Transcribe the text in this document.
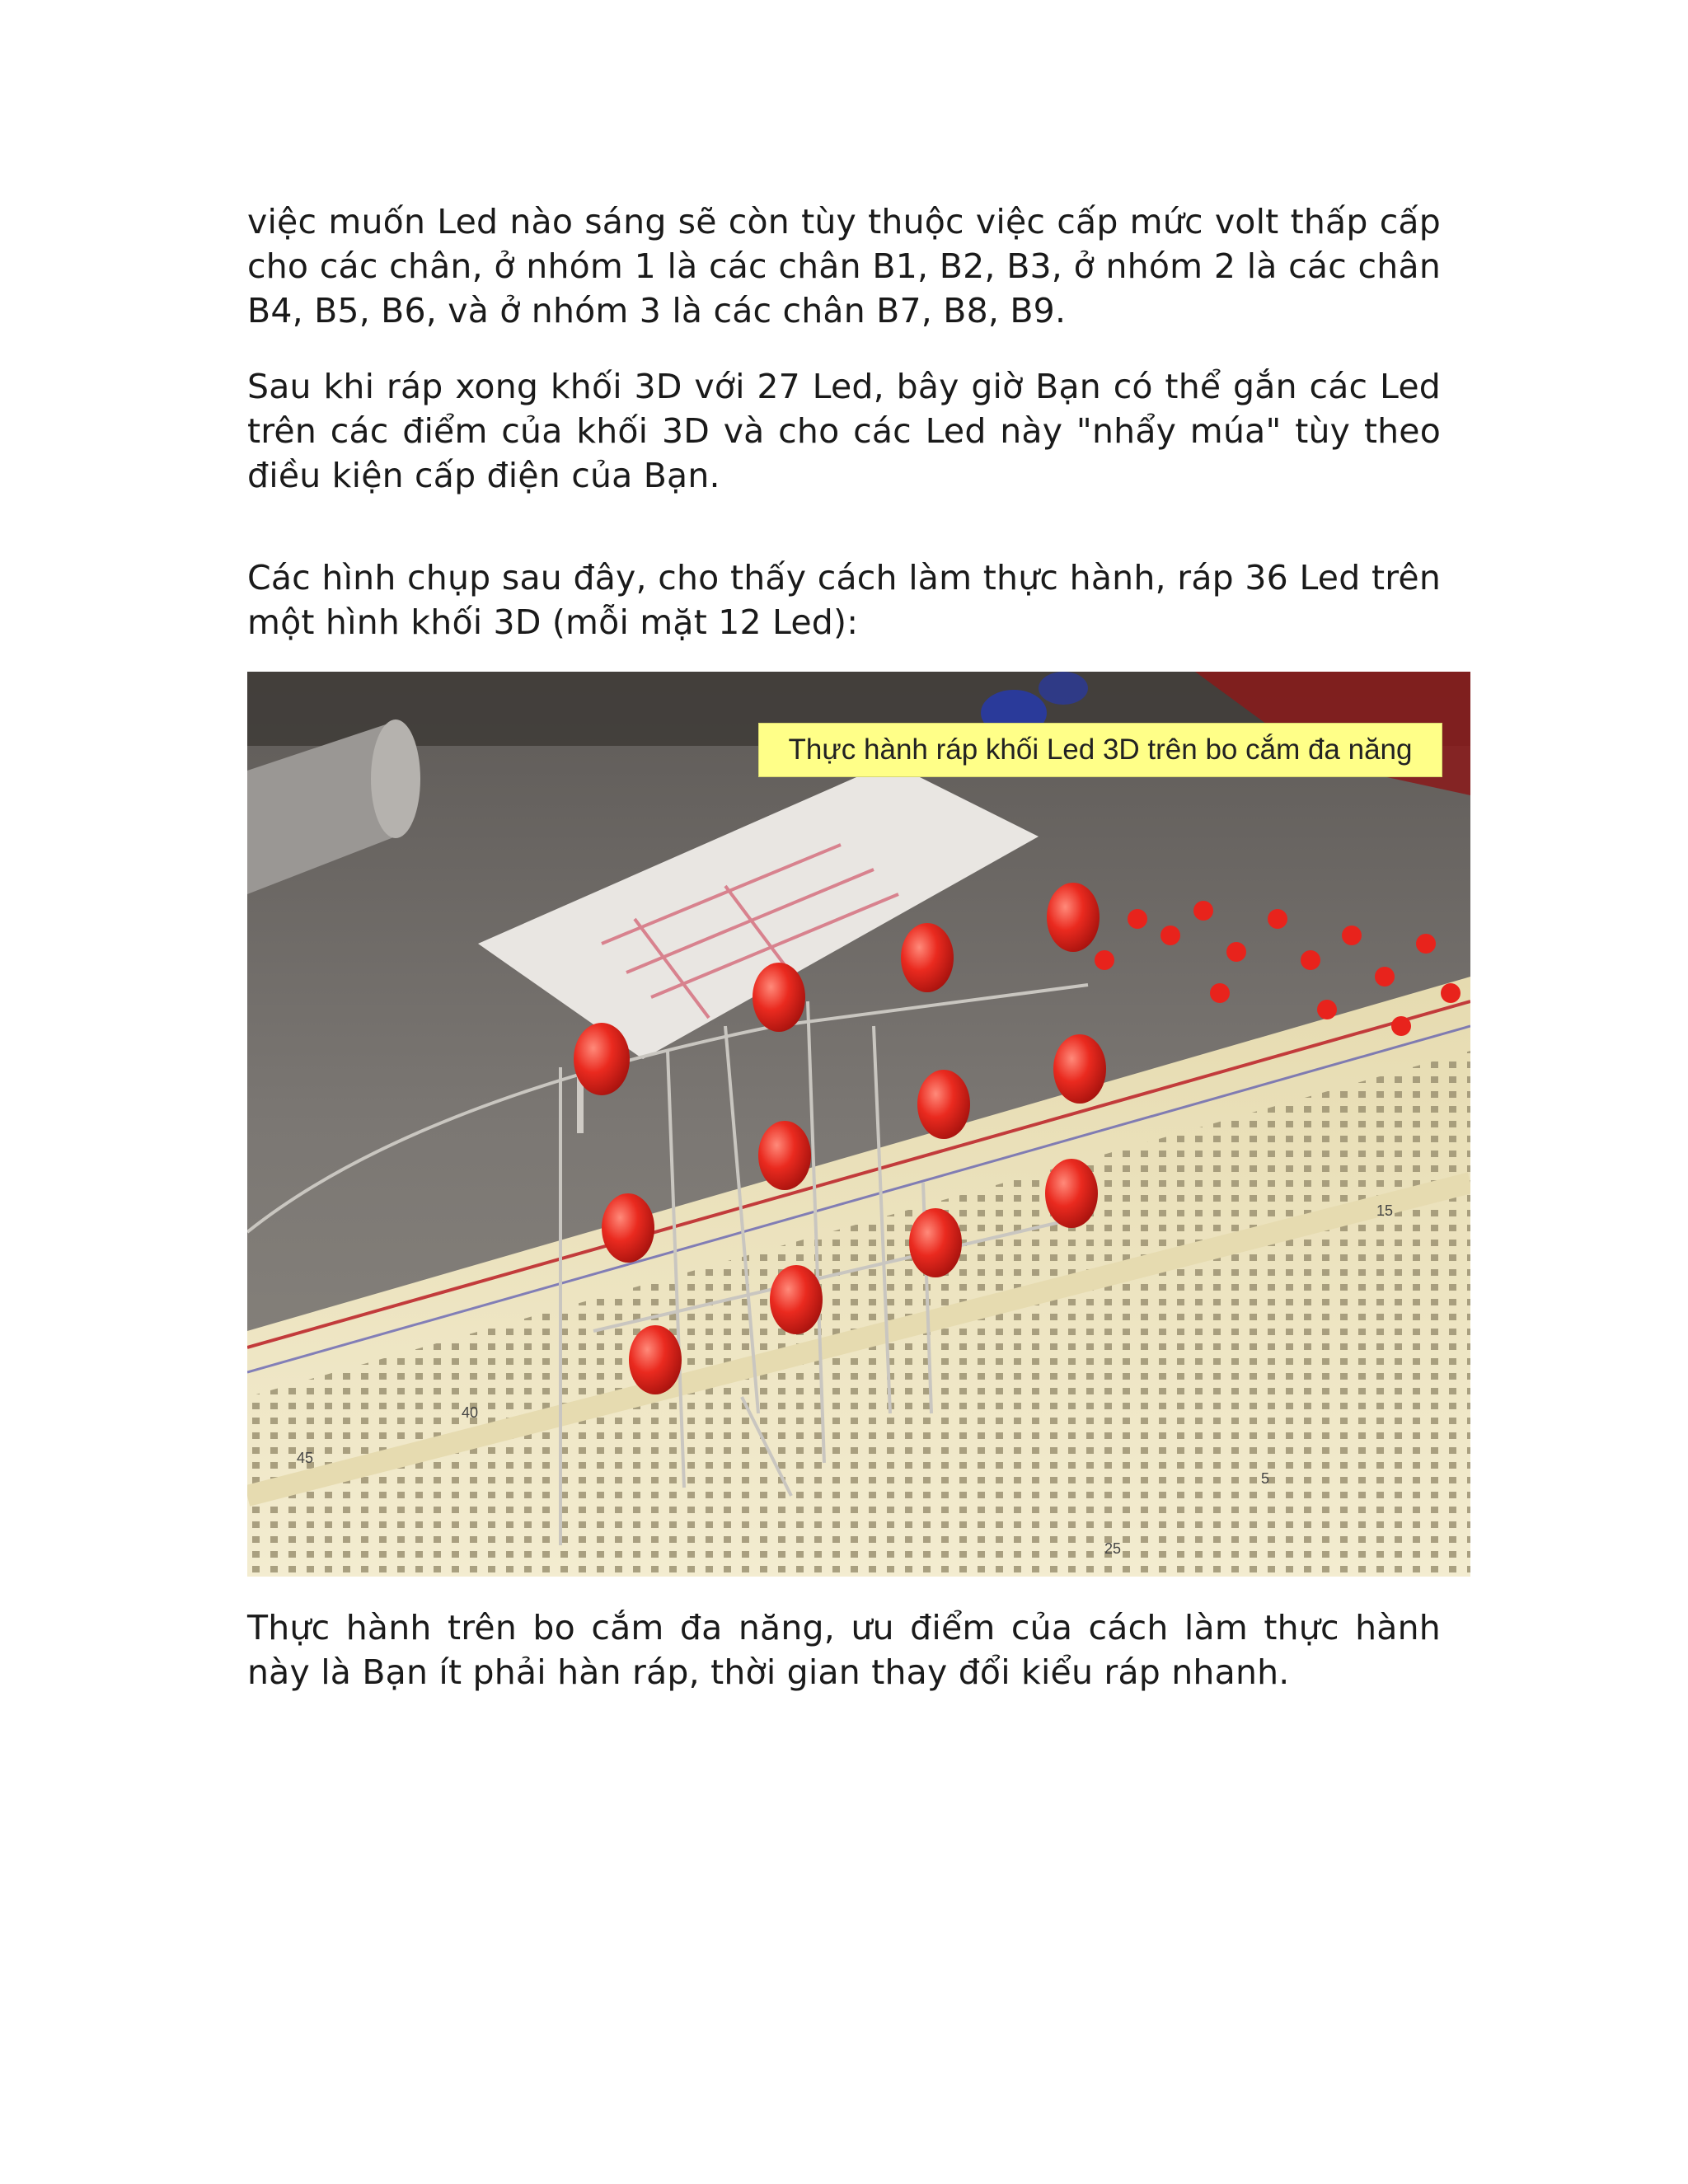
việc muốn Led nào sáng sẽ còn tùy thuộc việc cấp mức volt thấp cấp cho các chân, ở nhóm 1 là các chân B1, B2, B3, ở nhóm 2 là các chân B4, B5, B6, và ở nhóm 3 là các chân B7, B8, B9.

Sau khi ráp xong khối 3D với 27 Led, bây giờ Bạn có thể gắn các Led trên các điểm của khối 3D và cho các Led này "nhẩy múa" tùy theo điều kiện cấp điện của Bạn.

Các hình chụp sau đây, cho thấy cách làm thực hành, ráp 36 Led trên một hình khối 3D (mỗi mặt 12 Led):

45
40
15
5
25
Thực hành ráp khối Led 3D trên bo cắm đa năng

Thực hành trên bo cắm đa năng, ưu điểm của cách làm thực hành này là Bạn ít phải hàn ráp, thời gian thay đổi kiểu ráp nhanh.
